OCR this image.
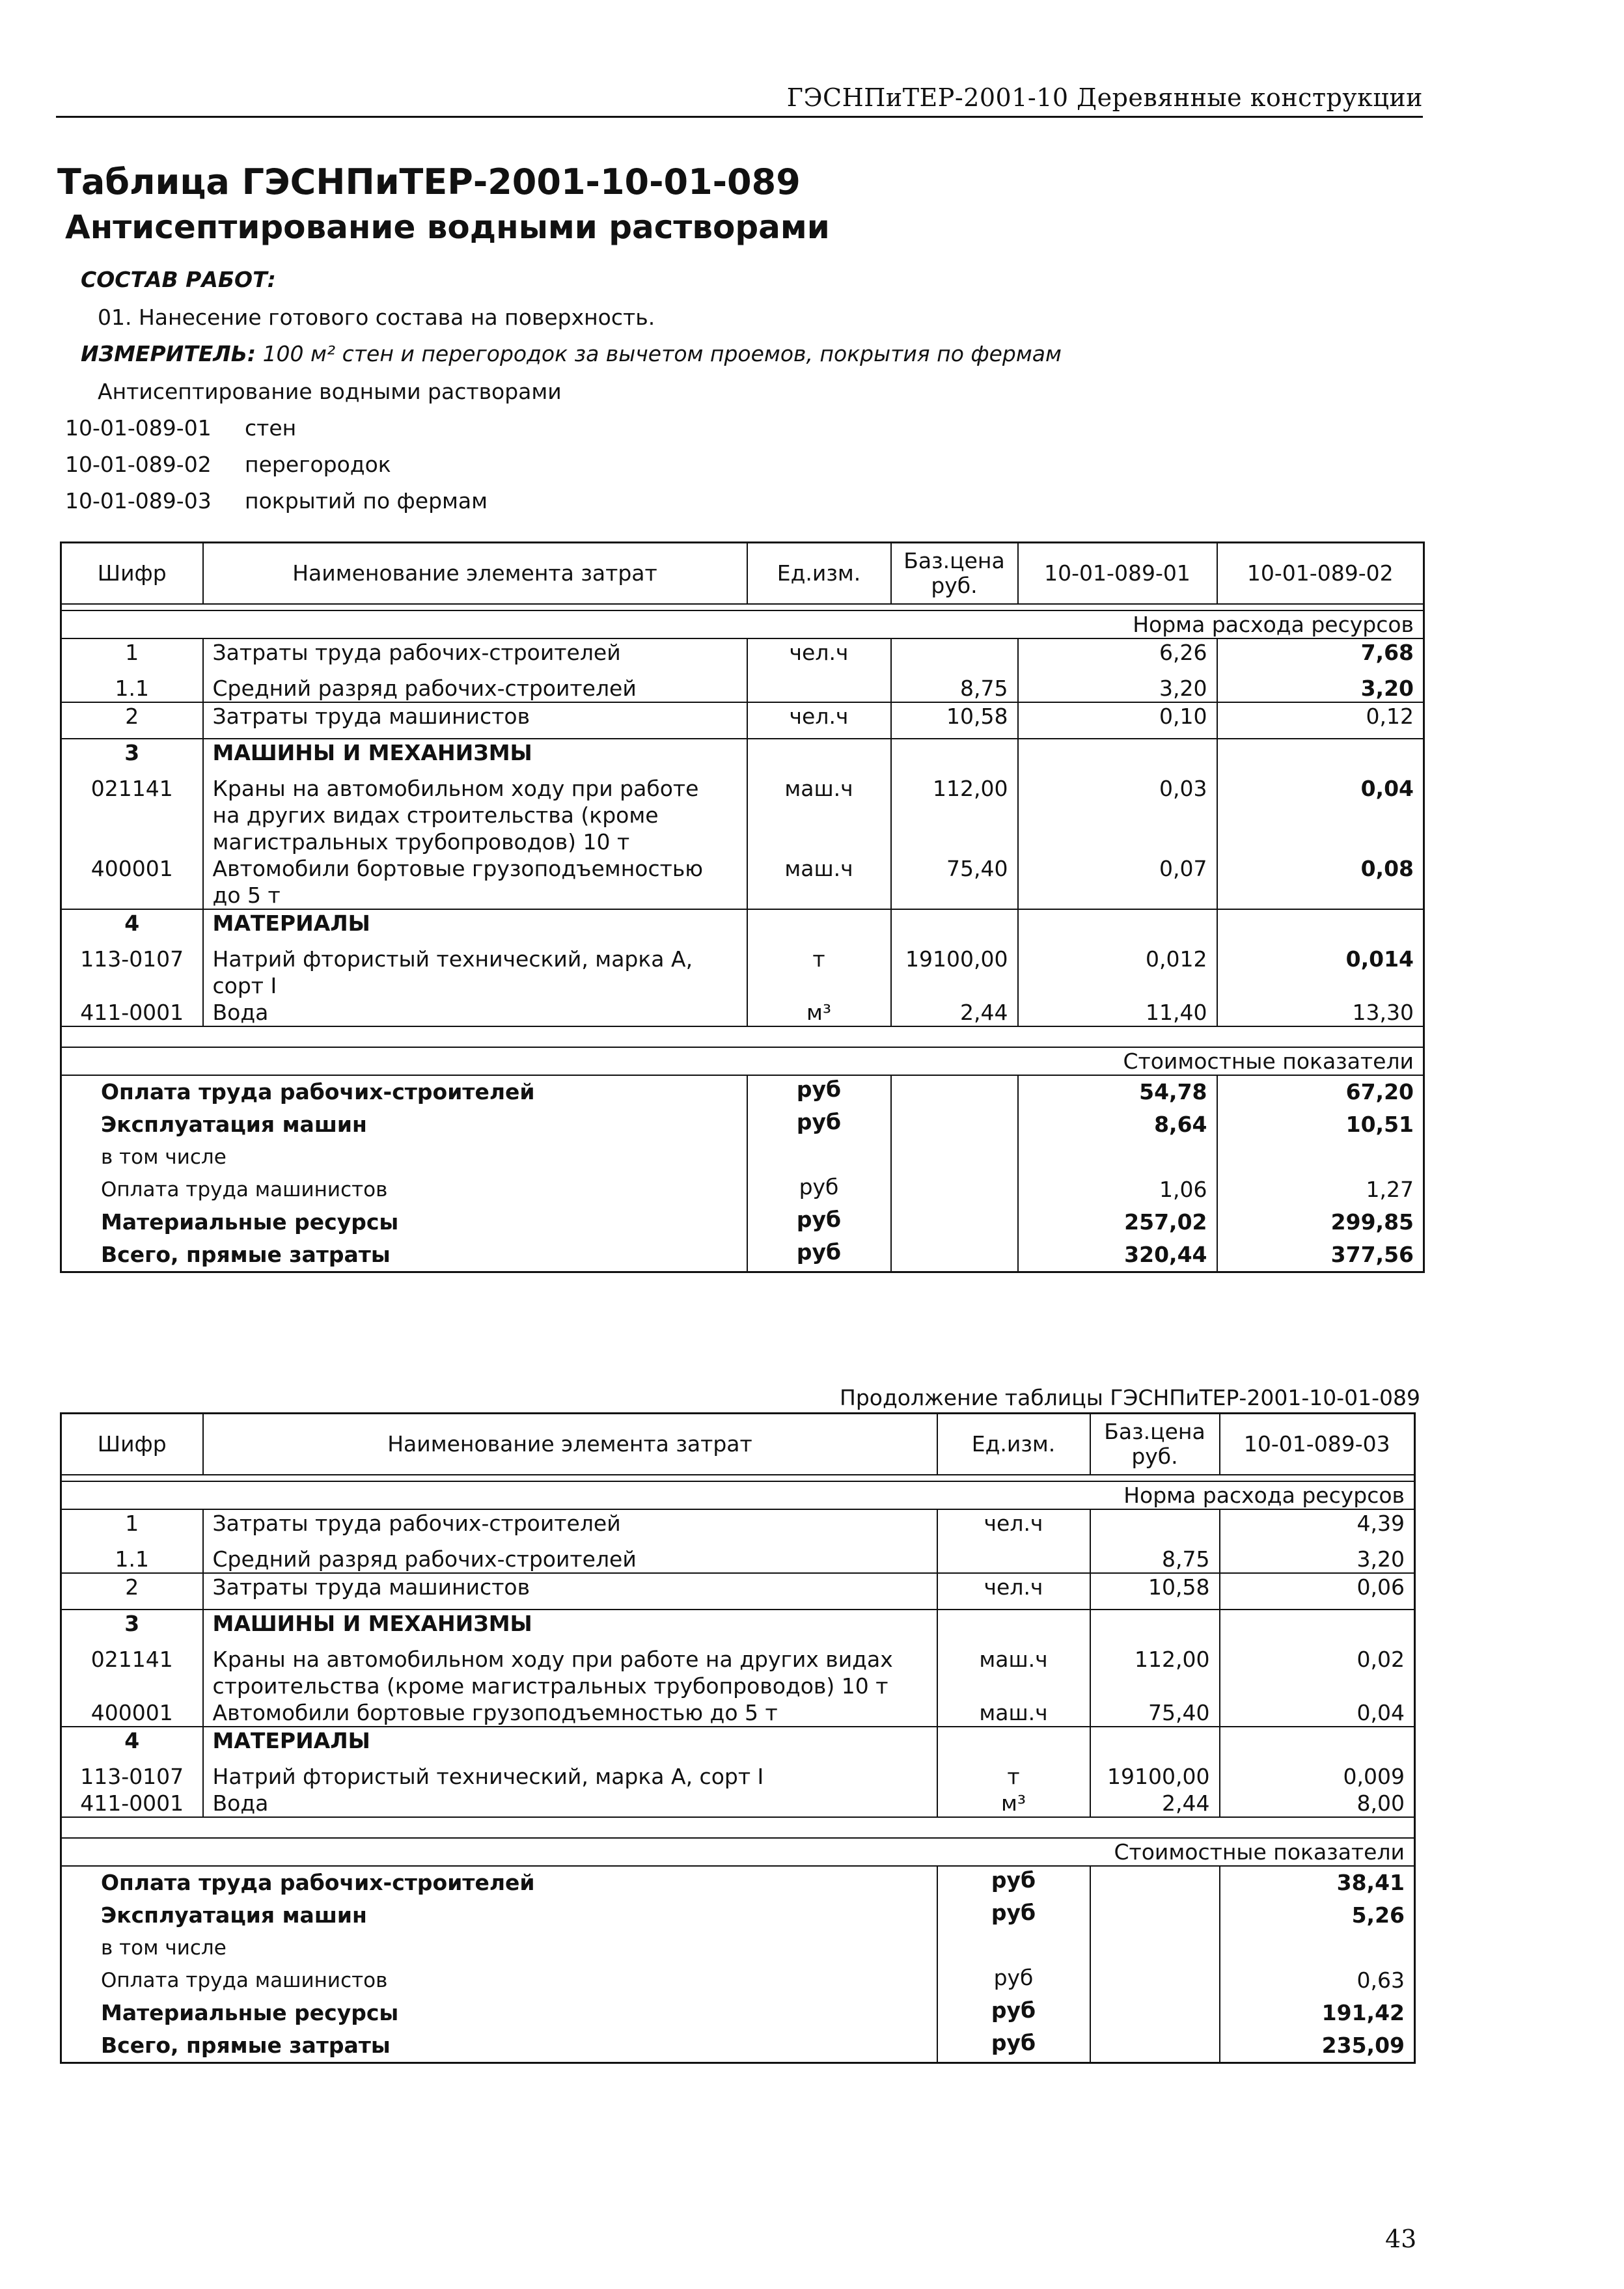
ГЭСНПиТЕР-2001-10 Деревянные конструкции
Таблица ГЭСНПиТЕР-2001-10-01-089
Антисептирование водными растворами
СОСТАВ РАБОТ:
01. Нанесение готового состава на поверхность.
ИЗМЕРИТЕЛЬ: 100 м² стен и перегородок за вычетом проемов, покрытия по фермам
Антисептирование водными растворами
10-01-089-01 стен
10-01-089-02 перегородок
10-01-089-03 покрытий по фермам
Шифр	Наименование элемента затрат	Ед.изм.	Баз.цена
руб.	10-01-089-01	10-01-089-02

Норма расхода ресурсов					
1	Затраты труда рабочих-строителей	чел.ч		6,26	7,68
1.1	Средний разряд рабочих-строителей		8,75	3,20	3,20
2	Затраты труда машинистов	чел.ч	10,58	0,10	0,12
3	МАШИНЫ И МЕХАНИЗМЫ				

021141	Краны на автомобильном ходу при работе
на других видах строительства (кроме
магистральных трубопроводов) 10 т	маш.ч	112,00	0,03	0,04
400001	Автомобили бортовые грузоподъемностью
до 5 т	маш.ч	75,40	0,07	0,08
4	МАТЕРИАЛЫ				

113-0107	Натрий фтористый технический, марка А,
сорт I	т	19100,00	0,012	0,014
411-0001	Вода	м³	2,44	11,40	13,30

Стоимостные показатели					
Оплата труда рабочих-строителей		руб		54,78	67,20
Эксплуатация машин		руб		8,64	10,51
в том числе					
Оплата труда машинистов		руб		1,06	1,27
Материальные ресурсы		руб		257,02	299,85
Всего, прямые затраты		руб		320,44	377,56
Продолжение таблицы ГЭСНПиТЕР-2001-10-01-089
Шифр	Наименование элемента затрат	Ед.изм.	Баз.цена
руб.	10-01-089-03

Норма расхода ресурсов				
1	Затраты труда рабочих-строителей	чел.ч		4,39
1.1	Средний разряд рабочих-строителей		8,75	3,20
2	Затраты труда машинистов	чел.ч	10,58	0,06
3	МАШИНЫ И МЕХАНИЗМЫ			

021141	Краны на автомобильном ходу при работе на других видах
строительства (кроме магистральных трубопроводов) 10 т	маш.ч	112,00	0,02
400001	Автомобили бортовые грузоподъемностью до 5 т	маш.ч	75,40	0,04
4	МАТЕРИАЛЫ			

113-0107	Натрий фтористый технический, марка А, сорт I	т	19100,00	0,009
411-0001	Вода	м³	2,44	8,00

Стоимостные показатели				
Оплата труда рабочих-строителей		руб		38,41
Эксплуатация машин		руб		5,26
в том числе				
Оплата труда машинистов		руб		0,63
Материальные ресурсы		руб		191,42
Всего, прямые затраты		руб		235,09
43
